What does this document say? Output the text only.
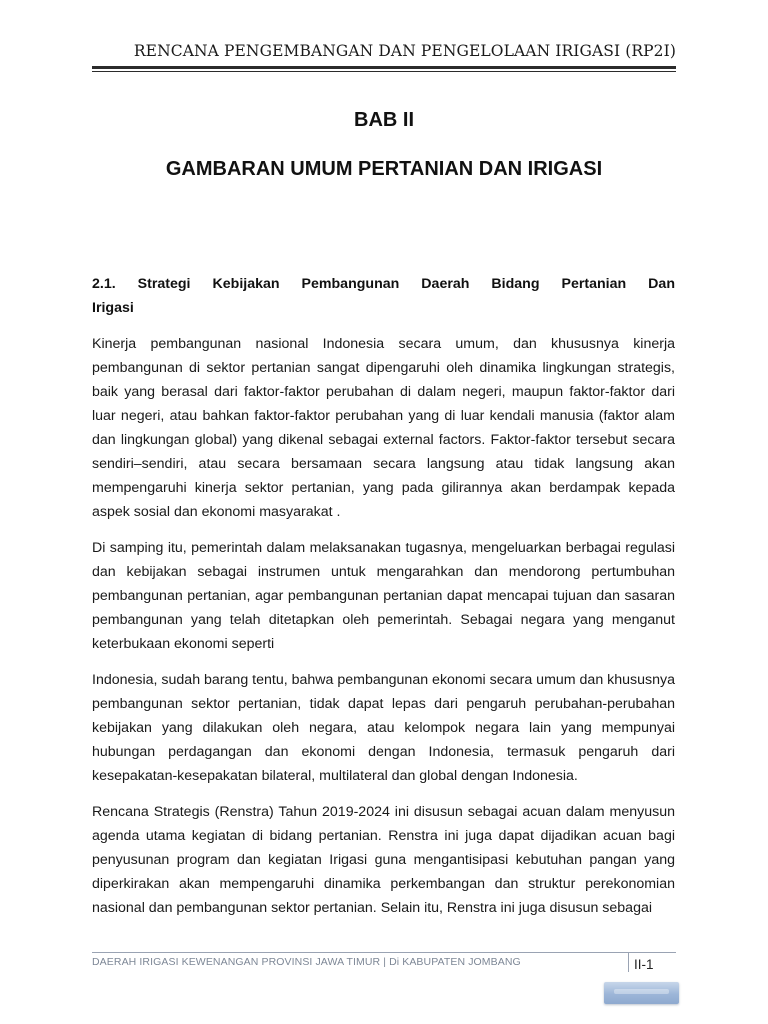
RENCANA PENGEMBANGAN DAN PENGELOLAAN IRIGASI (RP2I)
BAB II
GAMBARAN UMUM PERTANIAN DAN IRIGASI
2.1. Strategi Kebijakan Pembangunan Daerah Bidang Pertanian Dan Irigasi

Kinerja pembangunan nasional Indonesia secara umum, dan khususnya kinerja pembangunan di sektor pertanian sangat dipengaruhi oleh dinamika lingkungan strategis, baik yang berasal dari faktor-faktor perubahan di dalam negeri, maupun faktor-faktor dari luar negeri, atau bahkan faktor-faktor perubahan yang di luar kendali manusia (faktor alam dan lingkungan global) yang dikenal sebagai external factors. Faktor-faktor tersebut secara sendiri–sendiri, atau secara bersamaan secara langsung atau tidak langsung akan mempengaruhi kinerja sektor pertanian, yang pada gilirannya akan berdampak kepada aspek sosial dan ekonomi masyarakat .

Di samping itu, pemerintah dalam melaksanakan tugasnya, mengeluarkan berbagai regulasi dan kebijakan sebagai instrumen untuk mengarahkan dan mendorong pertumbuhan pembangunan pertanian, agar pembangunan pertanian dapat mencapai tujuan dan sasaran pembangunan yang telah ditetapkan oleh pemerintah. Sebagai negara yang menganut keterbukaan ekonomi seperti

Indonesia, sudah barang tentu, bahwa pembangunan ekonomi secara umum dan khususnya pembangunan sektor pertanian, tidak dapat lepas dari pengaruh perubahan-perubahan kebijakan yang dilakukan oleh negara, atau kelompok negara lain yang mempunyai hubungan perdagangan dan ekonomi dengan Indonesia, termasuk pengaruh dari kesepakatan-kesepakatan bilateral, multilateral dan global dengan Indonesia.

Rencana Strategis (Renstra) Tahun 2019-2024 ini disusun sebagai acuan dalam menyusun agenda utama kegiatan di bidang pertanian. Renstra ini juga dapat dijadikan acuan bagi penyusunan program dan kegiatan Irigasi guna mengantisipasi kebutuhan pangan yang diperkirakan akan mempengaruhi dinamika perkembangan dan struktur perekonomian nasional dan pembangunan sektor pertanian. Selain itu, Renstra ini juga disusun sebagai

DAERAH IRIGASI KEWENANGAN PROVINSI JAWA TIMUR | Di KABUPATEN JOMBANG	II-1
